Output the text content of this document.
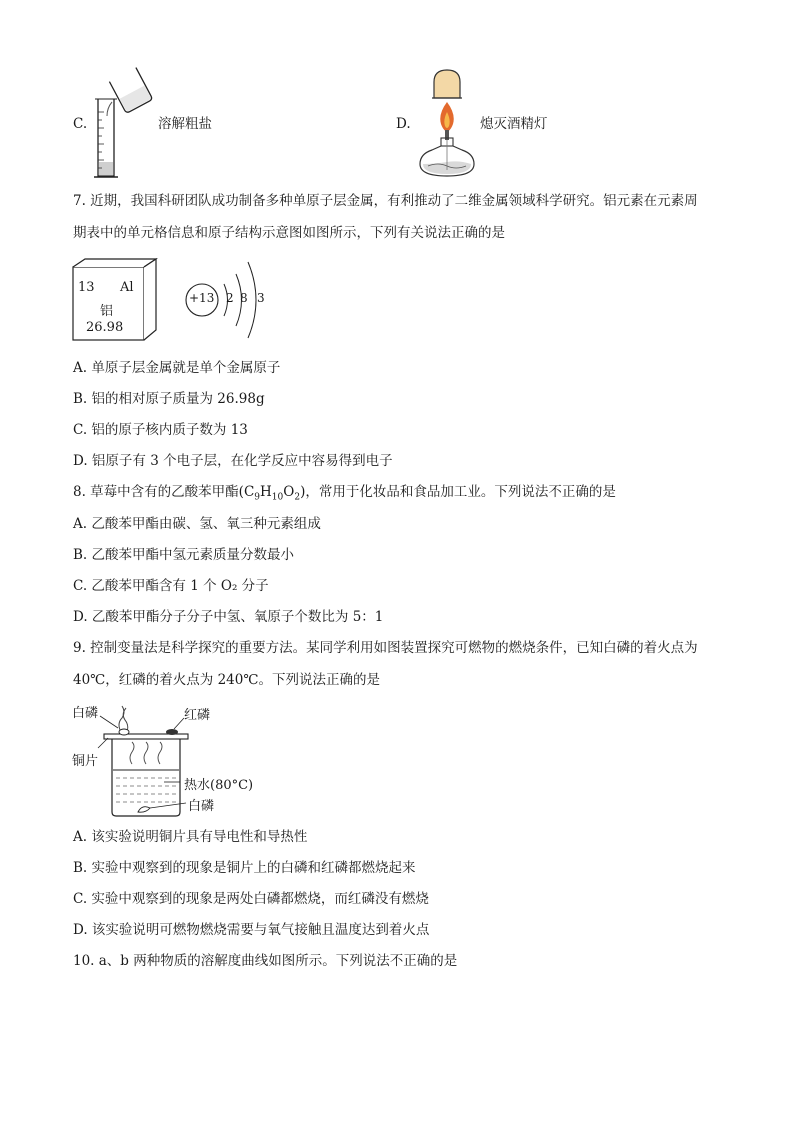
C.	溶解粗盐	D.	熄灭酒精灯
7. 近期，我国科研团队成功制备多种单原子层金属，有利推动了二维金属领域科学研究。铝元素在元素周
期表中的单元格信息和原子结构示意图如图所示，下列有关说法正确的是
13 Al
铝
26.98
+13 2 8 3
A. 单原子层金属就是单个金属原子
B. 铝的相对原子质量为 26.98g
C. 铝的原子核内质子数为 13
D. 铝原子有 3 个电子层，在化学反应中容易得到电子
8. 草莓中含有的乙酸苯甲酯$(C_9H_{10}O_2)$，常用于化妆品和食品加工业。下列说法不正确的是
A. 乙酸苯甲酯由碳、氢、氧三种元素组成
B. 乙酸苯甲酯中氢元素质量分数最小
C. 乙酸苯甲酯含有 1 个 O₂ 分子
D. 乙酸苯甲酯分子分子中氢、氧原子个数比为 5：1
9. 控制变量法是科学探究的重要方法。某同学利用如图装置探究可燃物的燃烧条件，已知白磷的着火点为
40℃，红磷的着火点为 240℃。下列说法正确的是
白磷	红磷
铜片
热水(80°C)
白磷
A. 该实验说明铜片具有导电性和导热性
B. 实验中观察到的现象是铜片上的白磷和红磷都燃烧起来
C. 实验中观察到的现象是两处白磷都燃烧，而红磷没有燃烧
D. 该实验说明可燃物燃烧需要与氧气接触且温度达到着火点
10. a、b 两种物质的溶解度曲线如图所示。下列说法不正确的是
